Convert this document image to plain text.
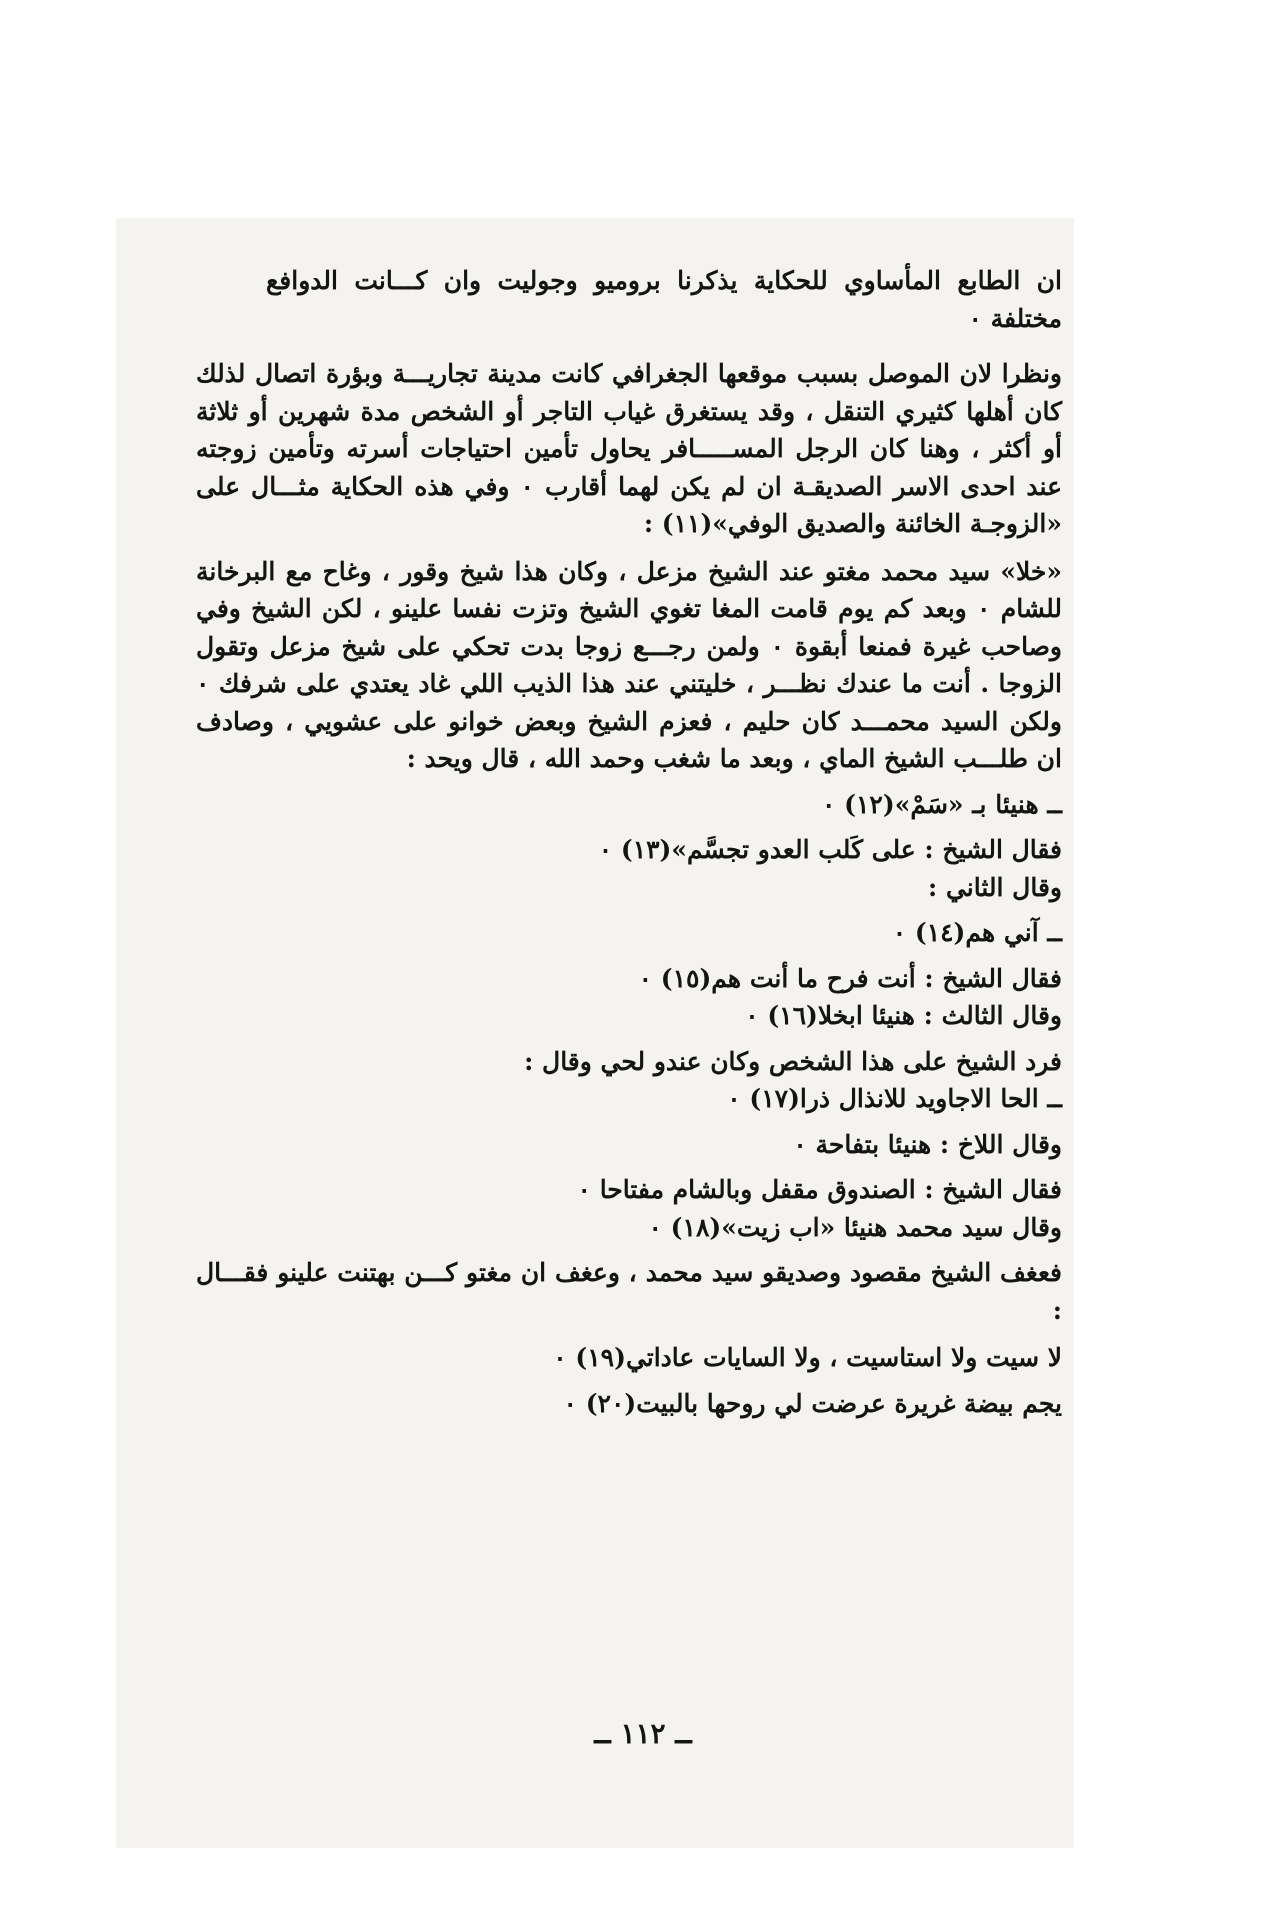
ان الطابع المأساوي للحكاية يذكرنا بروميو وجوليت وان كـــانت الدوافع مختلفة ٠

ونظرا لان الموصل بسبب موقعها الجغرافي كانت مدينة تجاريـــة وبؤرة اتصال لذلك كان أهلها كثيري التنقل ، وقد يستغرق غياب التاجر أو الشخص مدة شهرين أو ثلاثة أو أكثر ، وهنا كان الرجل المســـــافر يحاول تأمين احتياجات أسرته وتأمين زوجته عند احدى الاسر الصديقـة ان لم يكن لهما أقارب ٠ وفي هذه الحكاية مثـــال على «الزوجـة الخائنة والصديق الوفي»(١١) :

«خلا» سيد محمد مغتو عند الشيخ مزعل ، وكان هذا شيخ وقور ، وغاح مع البرخانة للشام ٠ وبعد كم يوم قامت المغا تغوي الشيخ وتزت نفسا علينو ، لكن الشيخ وفي وصاحب غيرة فمنعا أبقوة ٠ ولمن رجـــع زوجا بدت تحكي على شيخ مزعل وتقول الزوجا . أنت ما عندك نظـــر ، خليتني عند هذا الذيب اللي غاد يعتدي على شرفك ٠ ولكن السيد محمـــد كان حليم ، فعزم الشيخ وبعض خوانو على عشويي ، وصادف ان طلـــب الشيخ الماي ، وبعد ما شغب وحمد الله ، قال ويحد :

ــ هنيئا بـ «سَمْ»(١٢) ٠

فقال الشيخ : على كَلب العدو تجسَّم»(١٣) ٠

وقال الثاني :

ــ آني هم(١٤) ٠

فقال الشيخ : أنت فرح ما أنت هم(١٥) ٠

وقال الثالث : هنيئا ابخلا(١٦) ٠

فرد الشيخ على هذا الشخص وكان عندو لحي وقال :

ــ الحا الاجاويد للانذال ذرا(١٧) ٠

وقال اللاخ : هنيئا بتفاحة ٠

فقال الشيخ : الصندوق مقفل وبالشام مفتاحا ٠

وقال سيد محمد هنيئا «اب زيت»(١٨) ٠

فعغف الشيخ مقصود وصديقو سيد محمد ، وعغف ان مغتو كـــن بهتنت علينو فقـــال :

لا سيت ولا استاسيت ، ولا السايات عاداتي(١٩) ٠

يجم بيضة غريرة عرضت لي روحها بالبيت(٢٠) ٠

ــ ١١٢ ــ
